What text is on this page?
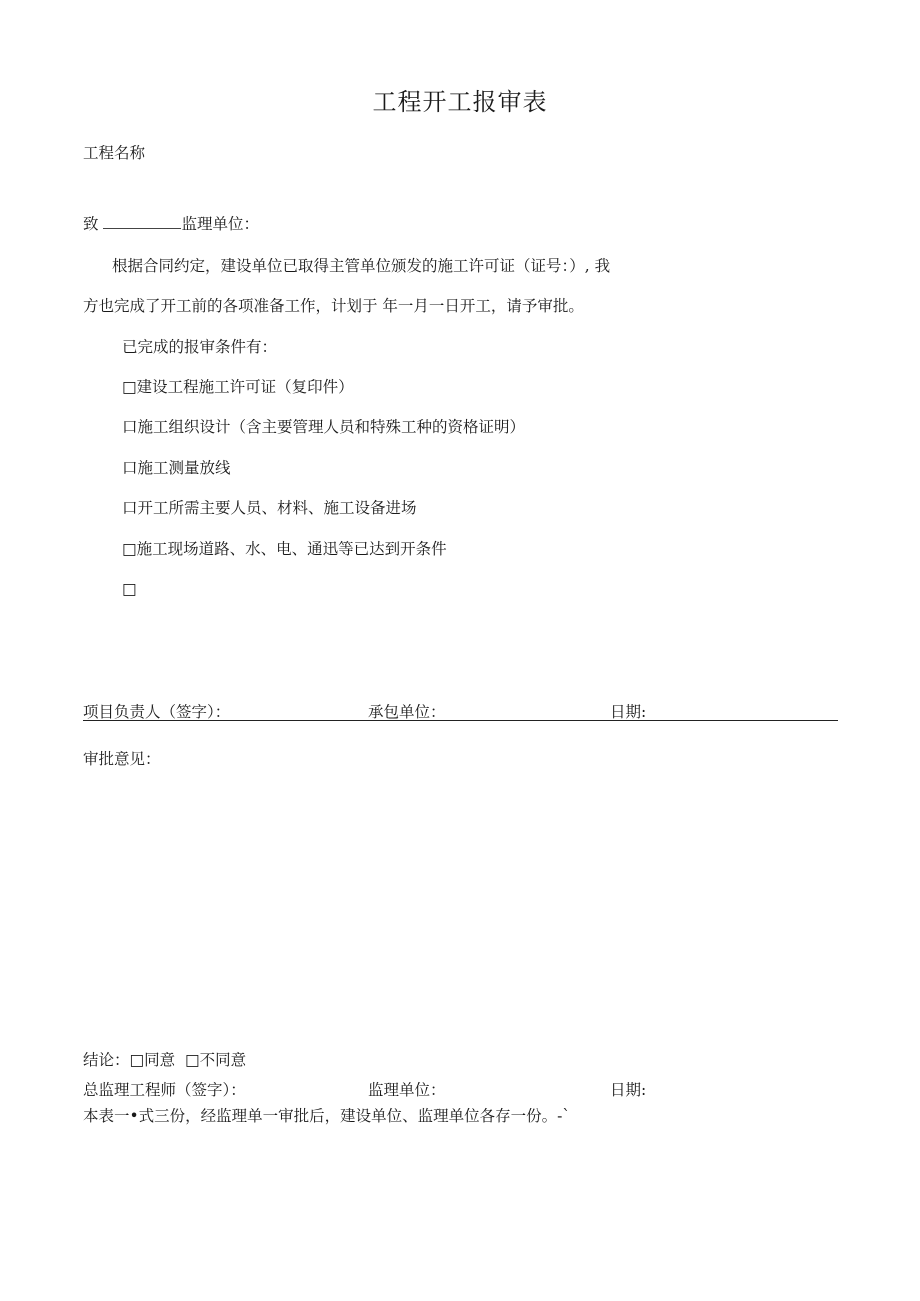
工程开工报审表
工程名称
致	监理单位：
根据合同约定，建设单位已取得主管单位颁发的施工许可证（证号：）, 我
方也完成了开工前的各项准备工作，计划于 年一月一日开工，请予审批。
已完成的报审条件有：
□建设工程施工许可证（复印件）
口施工组织设计（含主要管理人员和特殊工种的资格证明）
口施工测量放线
口开工所需主要人员、材料、施工设备进场
□施工现场道路、水、电、通迅等已达到开条件
□
项目负责人（签字）：	承包单位：	日期:
审批意见：
结论：□同意 □不同意
总监理工程师（签字）：	监理单位：	日期:
本表一•式三份，经监理单一审批后，建设单位、监理单位各存一份。-`
